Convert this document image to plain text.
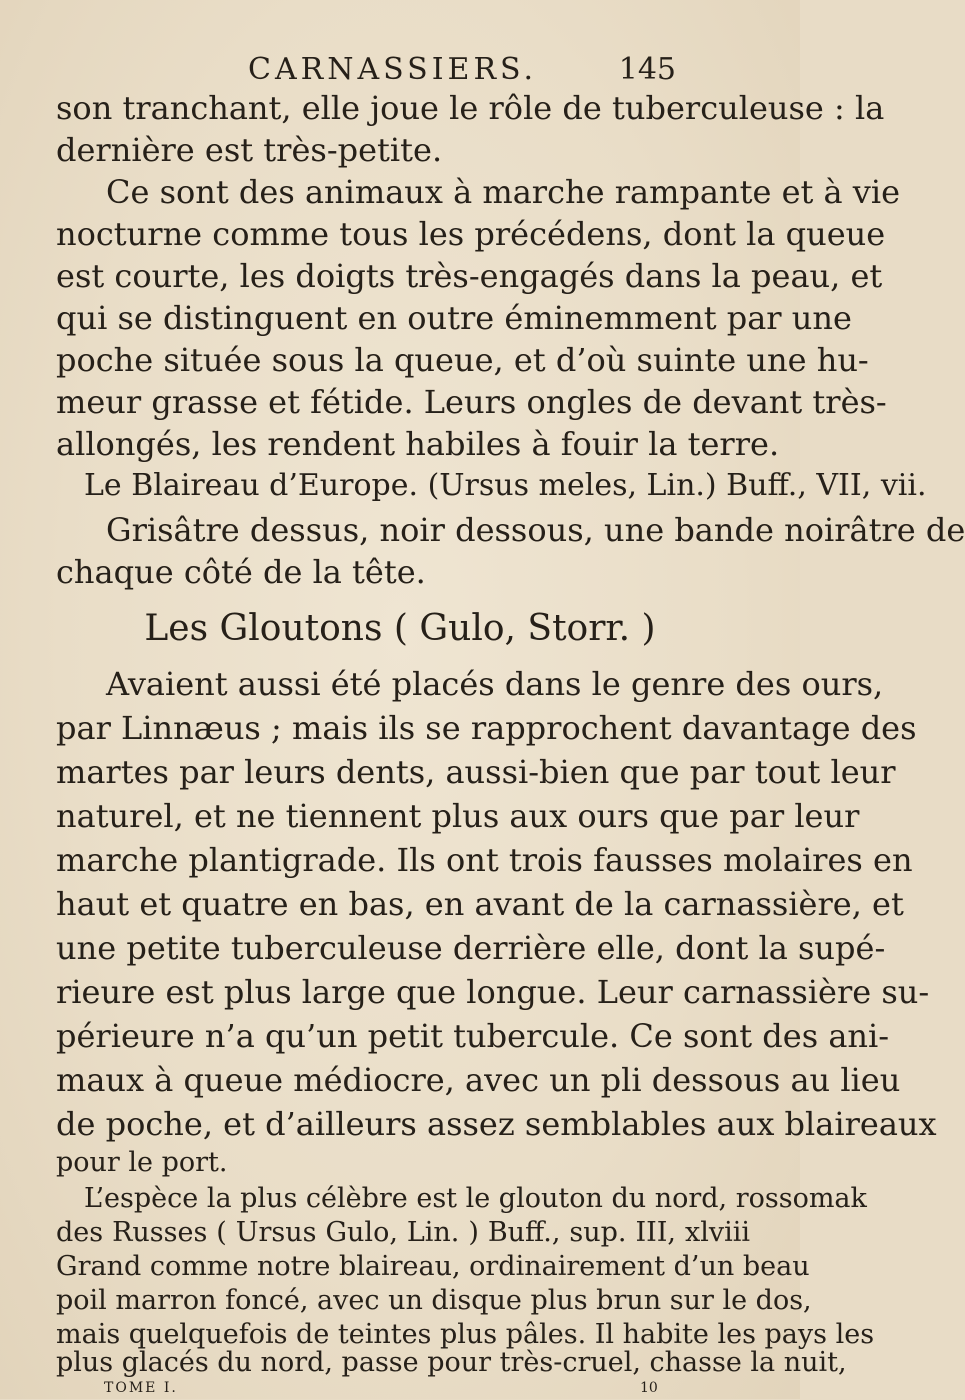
CARNASSIERS.	145
son tranchant, elle joue le rôle de tuberculeuse : la
dernière est très-petite.
Ce sont des animaux à marche rampante et à vie
nocturne comme tous les précédens, dont la queue
est courte, les doigts très-engagés dans la peau, et
qui se distinguent en outre éminemment par une
poche située sous la queue, et d’où suinte une hu-
meur grasse et fétide. Leurs ongles de devant très-
allongés, les rendent habiles à fouir la terre.
Le Blaireau d’Europe. (Ursus meles, Lin.) Buff., VII, vii.
Grisâtre dessus, noir dessous, une bande noirâtre de
chaque côté de la tête.
Les Gloutons ( Gulo, Storr. )
Avaient aussi été placés dans le genre des ours,
par Linnæus ; mais ils se rapprochent davantage des
martes par leurs dents, aussi-bien que par tout leur
naturel, et ne tiennent plus aux ours que par leur
marche plantigrade. Ils ont trois fausses molaires en
haut et quatre en bas, en avant de la carnassière, et
une petite tuberculeuse derrière elle, dont la supé-
rieure est plus large que longue. Leur carnassière su-
périeure n’a qu’un petit tubercule. Ce sont des ani-
maux à queue médiocre, avec un pli dessous au lieu
de poche, et d’ailleurs assez semblables aux blaireaux
pour le port.
L’espèce la plus célèbre est le glouton du nord, rossomak
des Russes ( Ursus Gulo, Lin. ) Buff., sup. III, xlviii
Grand comme notre blaireau, ordinairement d’un beau
poil marron foncé, avec un disque plus brun sur le dos,
mais quelquefois de teintes plus pâles. Il habite les pays les
plus glacés du nord, passe pour très-cruel, chasse la nuit,
TOME I.	10
